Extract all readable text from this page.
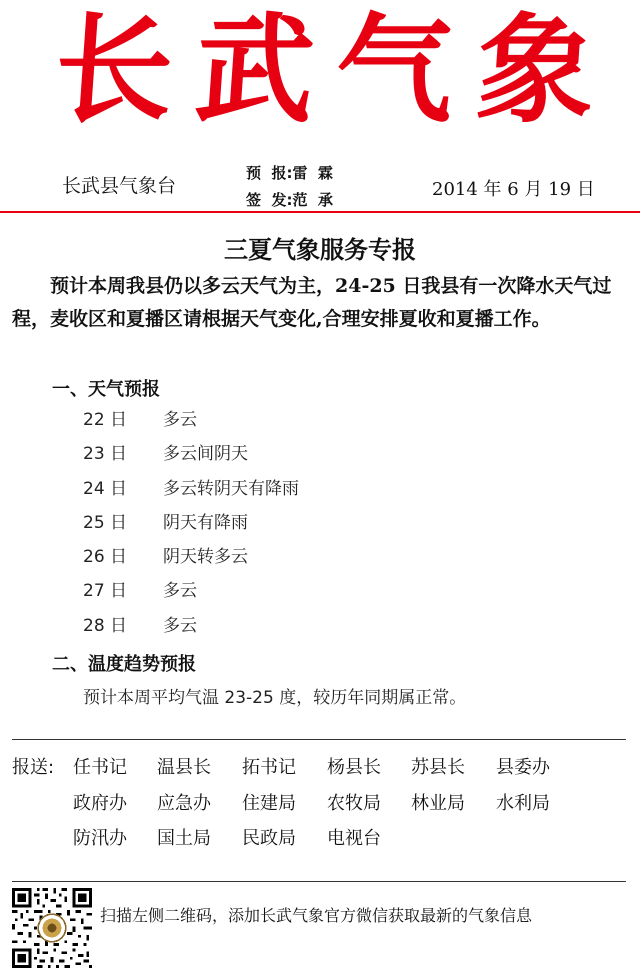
长 武 气 象
长武县气象台
预  报:雷  霖
签  发:范  承	2014 年 6 月 19 日
三夏气象服务专报

预计本周我县仍以多云天气为主，24-25 日我县有一次降水天气过程，麦收区和夏播区请根据天气变化,合理安排夏收和夏播工作。

一、天气预报
22 日 多云
23 日 多云间阴天
24 日 多云转阴天有降雨
25 日 阴天有降雨
26 日 阴天转多云
27 日 多云
28 日 多云
二、温度趋势预报
预计本周平均气温 23-25 度，较历年同期属正常。
报送: 任书记	温县长	拓书记	杨县长	苏县长	县委办
政府办	应急办	住建局	农牧局	林业局	水利局
防汛办	国土局	民政局	电视台
扫描左侧二维码，添加长武气象官方微信获取最新的气象信息
